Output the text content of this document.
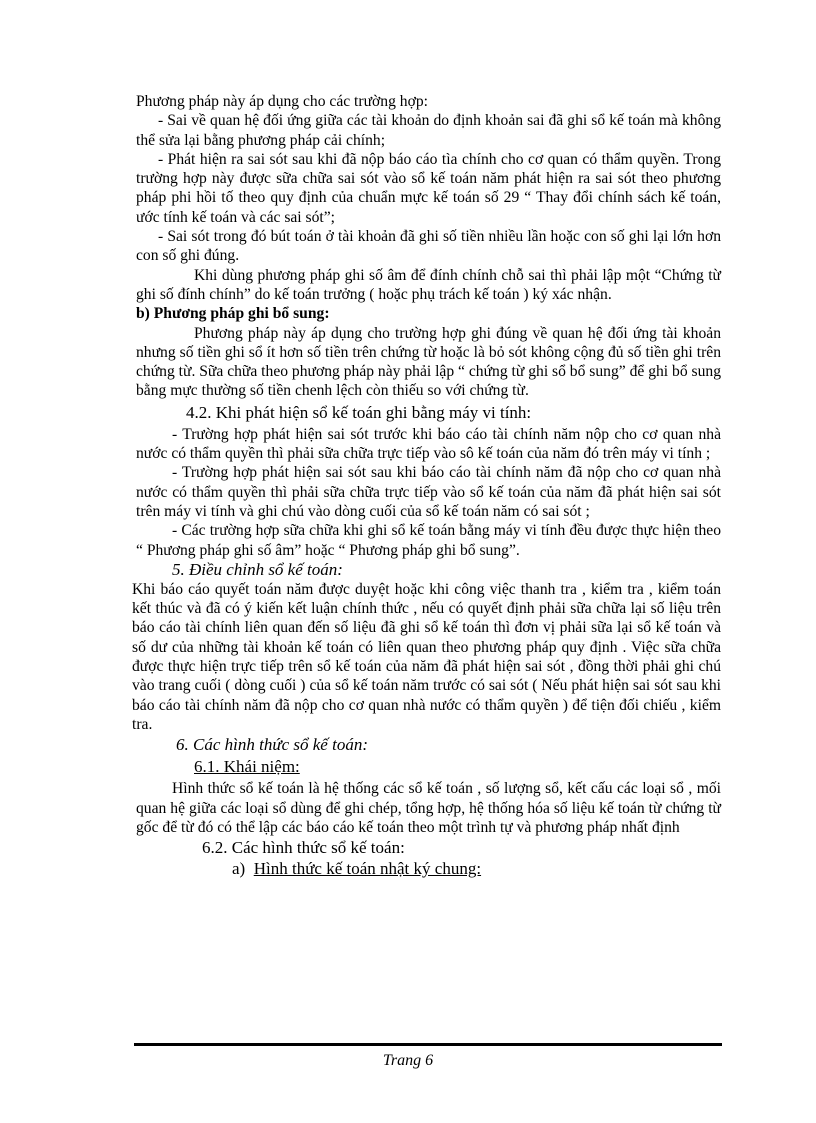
Phương pháp này áp dụng cho các trường hợp:

- Sai về quan hệ đối ứng giữa các tài khoản do định khoản sai đã ghi sổ kế toán mà không thể sửa lại bằng phương pháp cải chính;

- Phát hiện ra sai sót sau khi đã nộp báo cáo tìa chính cho cơ quan có thẩm quyền. Trong trường hợp này được sữa chữa sai sót vào sổ kế toán năm phát hiện ra sai sót theo phương pháp phi hồi tố theo quy định của chuẩn mực kế toán số 29 “ Thay đổi chính sách kế toán, ước tính kế toán và các sai sót”;

- Sai sót trong đó bút toán ở tài khoản đã ghi số tiền nhiều lần hoặc con số ghi lại lớn hơn con số ghi đúng.

Khi dùng phương pháp ghi số âm để đính chính chỗ sai thì phải lập một “Chứng từ ghi số đính chính” do kế toán trưởng ( hoặc phụ trách kế toán ) ký xác nhận.

b) Phương pháp ghi bổ sung:

Phương pháp này áp dụng cho trường hợp ghi đúng về quan hệ đối ứng tài khoản nhưng số tiền ghi sổ ít hơn số tiền trên chứng từ hoặc là bỏ sót không cộng đủ số tiền ghi trên chứng từ. Sữa chữa theo phương pháp này phải lập “ chứng từ ghi sổ bổ sung” để ghi bổ sung bằng mực thường số tiền chenh lệch còn thiếu so với chứng từ.

4.2. Khi phát hiện sổ kế toán ghi bằng máy vi tính:

- Trường hợp phát hiện sai sót trước khi báo cáo tài chính năm nộp cho cơ quan nhà nước có thẩm quyền thì phải sữa chữa trực tiếp vào sô kế toán của năm đó trên máy vi tính ;

- Trường hợp phát hiện sai sót sau khi báo cáo tài chính năm đã nộp cho cơ quan nhà nước có thẩm quyền thì phải sữa chữa trực tiếp vào sổ kế toán của năm đã phát hiện sai sót trên máy vi tính và ghi chú vào dòng cuối của sổ kế toán năm có sai sót ;

- Các trường hợp sữa chữa khi ghi sổ kế toán bằng máy vi tính đều được thực hiện theo “ Phương pháp ghi số âm” hoặc “ Phương pháp ghi bổ sung”.

5. Điều chỉnh sổ kế toán:

Khi báo cáo quyết toán năm được duyệt hoặc khi công việc thanh tra , kiểm tra , kiểm toán kết thúc và đã có ý kiến kết luận chính thức , nếu có quyết định phải sữa chữa lại số liệu trên báo cáo tài chính liên quan đến số liệu đã ghi sổ kế toán thì đơn vị phải sữa lại sổ kế toán và số dư của những tài khoản kế toán có liên quan theo phương pháp quy định . Việc sữa chữa được thực hiện trực tiếp trên sổ kế toán của năm đã phát hiện sai sót , đồng thời phải ghi chú vào trang cuối ( dòng cuối ) của sổ kế toán năm trước có sai sót ( Nếu phát hiện sai sót sau khi báo cáo tài chính năm đã nộp cho cơ quan nhà nước có thẩm quyền ) để tiện đối chiếu , kiểm tra.

6. Các hình thức sổ kế toán:

6.1. Khái niệm:

Hình thức sổ kế toán là hệ thống các sổ kế toán , số lượng sổ, kết cấu các loại sổ , mối quan hệ giữa các loại sổ dùng để ghi chép, tổng hợp, hệ thống hóa số liệu kế toán từ chứng từ gốc để từ đó có thể lập các báo cáo kế toán theo một trình tự và phương pháp nhất định

6.2. Các hình thức sổ kế toán:

a) Hình thức kế toán nhật ký chung:

Trang 6
